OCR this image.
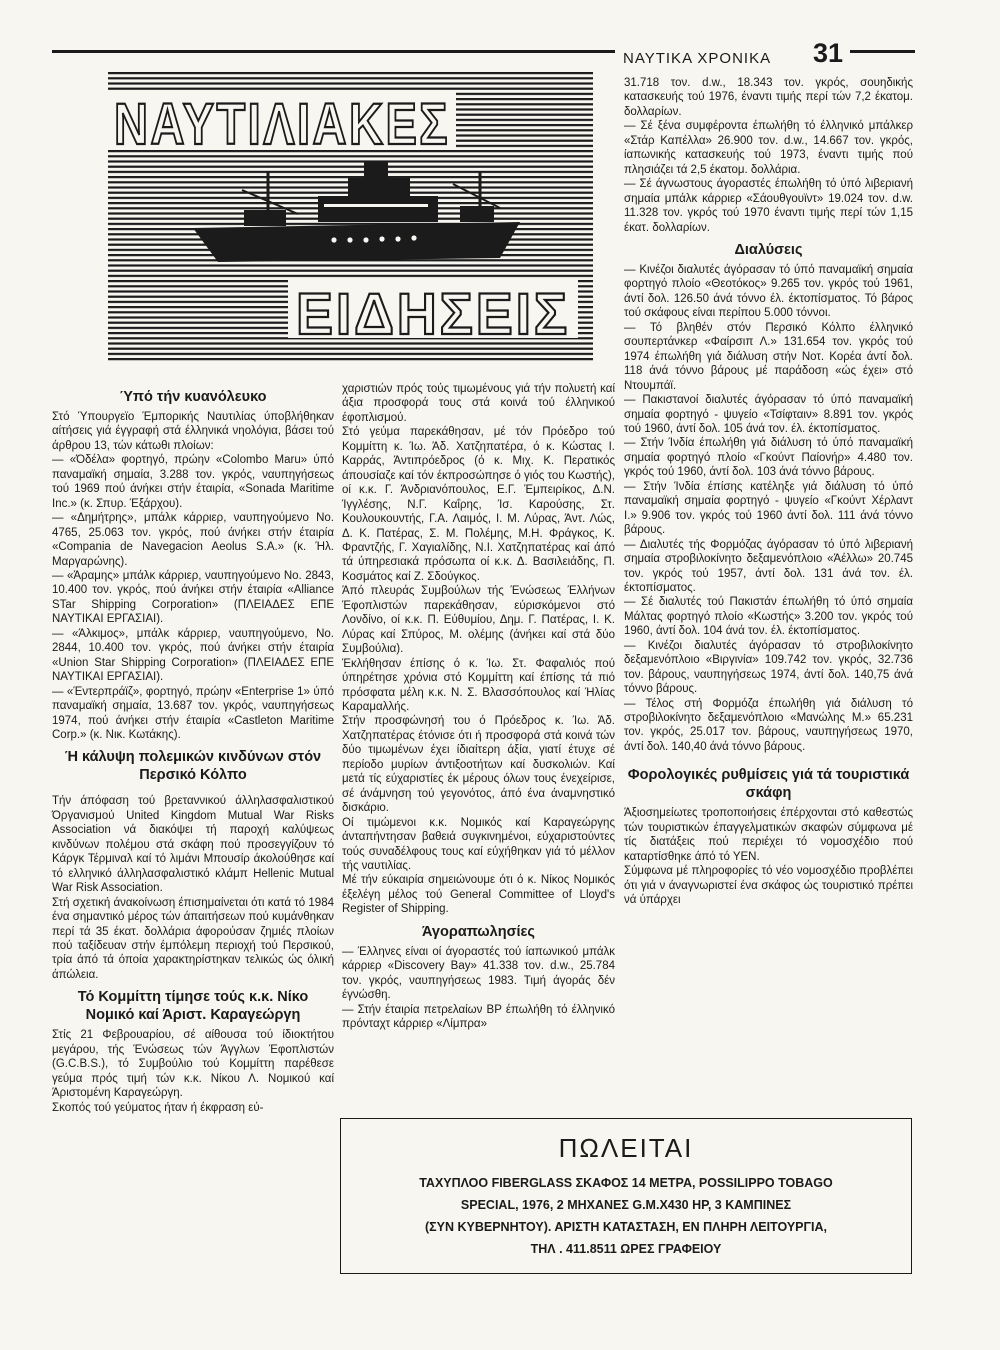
ΝΑΥΤΙΚΑ ΧΡΟΝΙΚΑ 31
ΝΑΥΤΙΛΙΑΚΕΣ
ΕΙΔΗΣΕΙΣ
Ύπό τήν κυανόλευκο

Στό Ύπουργεϊο Έμπορικής Ναυτιλίας ύποβλήθηκαν αίτήσεις γιά έγγραφή στά έλληνικά νηολόγια, βάσει τού άρθρου 13, τών κάτωθι πλοίων:

— «Όδέλα» φορτηγό, πρώην «Colombo Maru» ύπό παναμαϊκή σημαία, 3.288 τον. γκρός, ναυπηγήσεως τού 1969 πού άνήκει στήν έταιρία, «Sonada Maritime Inc.» (κ. Σπυρ. Έξάρχου).

— «Δημήτρης», μπάλκ κάρριερ, ναυπηγούμενο Νο. 4765, 25.063 τον. γκρός, πού άνήκει στήν έταιρία «Compania de Navegacion Aeolus S.A.» (κ. Ήλ. Μαργαρώνης).

— «Άραμης» μπάλκ κάρριερ, ναυπηγούμενο Νο. 2843, 10.400 τον. γκρός, πού άνήκει στήν έταιρία «Alliance STar Shipping Corporation» (ΠΛΕΙΑΔΕΣ ΕΠΕ ΝΑΥΤΙΚΑΙ ΕΡΓΑΣΙΑΙ).

— «Άλκιμος», μπάλκ κάρριερ, ναυπηγούμενο, Νο. 2844, 10.400 τον. γκρός, πού άνήκει στήν έταιρία «Union Star Shipping Corporation» (ΠΛΕΙΑΔΕΣ ΕΠΕ ΝΑΥΤΙΚΑΙ ΕΡΓΑΣΙΑΙ).

— «Έντερπράϊζ», φορτηγό, πρώην «Enterprise 1» ύπό παναμαϊκή σημαία, 13.687 τον. γκρός, ναυπηγήσεως 1974, πού άνήκει στήν έταιρία «Castleton Maritime Corp.» (κ. Νικ. Κωτάκης).

Ή κάλυψη πολεμικών κινδύνων στόν Περσικό Κόλπο

Τήν άπόφαση τού βρεταννικού άλληλασφαλιστικού Όργανισμού United Kingdom Mutual War Risks Association νά διακόψει τή παροχή καλύψεως κινδύνων πολέμου στά σκάφη πού προσεγγίζουν τό Κάργκ Τέρμιναλ καί τό λιμάνι Μπουσίρ άκολούθησε καί τό ελληνικό άλληλασφαλιστικό κλάμπ Hellenic Mutual War Risk Association.

Στή σχετική άνακοίνωση έπισημαίνεται ότι κατά τό 1984 ένα σημαντικό μέρος τών άπαιτήσεων πού κυμάνθηκαν περί τά 35 έκατ. δολλάρια άφορούσαν ζημιές πλοίων πού ταξίδευαν στήν έμπόλεμη περιοχή τού Περσικού, τρία άπό τά όποία χαρακτηρίστηκαν τελικώς ώς όλική άπώλεια.

Τό Κομμίττη τίμησε τούς κ.κ. Νίκο Νομικό καί Άριστ. Καραγεώργη

Στίς 21 Φεβρουαρίου, σέ αίθουσα τού ίδιοκτήτου μεγάρου, τής Ένώσεως τών Άγγλων Έφοπλιστών (G.C.B.S.), τό Συμβούλιο τού Κομμίττη παρέθεσε γεύμα πρός τιμή τών κ.κ. Νίκου Λ. Νομικού καί Άριστομένη Καραγεώργη.

Σκοπός τού γεύματος ήταν ή έκφραση εύ-

χαριστιών πρός τούς τιμωμένους γιά τήν πολυετή καί άξια προσφορά τους στά κοινά τού έλληνικού έφοπλισμού.

Στό γεύμα παρεκάθησαν, μέ τόν Πρόεδρο τού Κομμίττη κ. Ίω. Άδ. Χατζηπατέρα, ό κ. Κώστας Ι. Καρράς, Άντιπρόεδρος (ό κ. Μιχ. Κ. Περατικός άπουσίαζε καί τόν έκπροσώπησε ό γιός του Κωστής), οί κ.κ. Γ. Άνδριανόπουλος, Ε.Γ. Έμπειρίκος, Δ.Ν. Ίγγλέσης, Ν.Γ. Καΐρης, Ίσ. Καρούσης, Στ. Κουλουκουντής, Γ.Α. Λαιμός, Ι. Μ. Λύρας, Άντ. Λώς, Δ. Κ. Πατέρας, Σ. Μ. Πολέμης, Μ.Η. Φράγκος, Κ. Φραντζής, Γ. Χαγιαλίδης, Ν.Ι. Χατζηπατέρας καί άπό τά ύπηρεσιακά πρόσωπα οί κ.κ. Δ. Βασιλειάδης, Π. Κοσμάτος καί Ζ. Σδούγκος.

Άπό πλευράς Συμβούλων τής Ένώσεως Έλλήνων Έφοπλιστών παρεκάθησαν, εύρισκόμενοι στό Λονδίνο, οί κ.κ. Π. Εύθυμίου, Δημ. Γ. Πατέρας, Ι. Κ. Λύρας καί Σπύρος, Μ. ολέμης (άνήκει καί στά δύο Συμβούλια).

Έκλήθησαν έπίσης ό κ. Ίω. Στ. Φαφαλιός πού ύπηρέτησε χρόνια στό Κομμίττη καί έπίσης τά πιό πρόσφατα μέλη κ.κ. Ν. Σ. Βλασσόπουλος καί Ήλίας Καραμαλλής.

Στήν προσφώνησή του ό Πρόεδρος κ. Ίω. Άδ. Χατζηπατέρας έτόνισε ότι ή προσφορά στά κοινά τών δύο τιμωμένων έχει ίδιαίτερη άξία, γιατί έτυχε σέ περίοδο μυρίων άντιξοοτήτων καί δυσκολιών. Καί μετά τίς εύχαριστίες έκ μέρους όλων τους ένεχείρισε, σέ άνάμνηση τού γεγονότος, άπό ένα άναμνηστικό δισκάριο.

Οί τιμώμενοι κ.κ. Νομικός καί Καραγεώργης άνταπήντησαν βαθειά συγκινημένοι, εύχαριστούντες τούς συναδέλφους τους καί εύχήθηκαν γιά τό μέλλον τής ναυτιλίας.

Μέ τήν εύκαιρία σημειώνουμε ότι ό κ. Νίκος Νομικός έξελέγη μέλος τού General Committee of Lloyd's Register of Shipping.

Άγοραπωλησίες

— Έλληνες είναι οί άγοραστές τού ίαπωνικού μπάλκ κάρριερ «Discovery Bay» 41.338 τον. d.w., 25.784 τον. γκρός, ναυπηγήσεως 1983. Τιμή άγοράς δέν έγνώσθη.

— Στήν έταιρία πετρελαίων ΒΡ έπωλήθη τό έλληνικό πρόνταχτ κάρριερ «Λίμπρα»

31.718 τον. d.w., 18.343 τον. γκρός, σουηδικής κατασκευής τού 1976, έναντι τιμής περί τών 7,2 έκατομ. δολλαρίων.

— Σέ ξένα συμφέροντα έπωλήθη τό έλληνικό μπάλκερ «Στάρ Καπέλλα» 26.900 τον. d.w., 14.667 τον. γκρός, ίαπωνικής κατασκευής τού 1973, έναντι τιμής πού πλησιάζει τά 2,5 έκατομ. δολλάρια.

— Σέ άγνωστους άγοραστές έπωλήθη τό ύπό λιβεριανή σημαία μπάλκ κάρριερ «Σάουθγουϊντ» 19.024 τον. d.w. 11.328 τον. γκρός τού 1970 έναντι τιμής περί τών 1,15 έκατ. δολλαρίων.

Διαλύσεις

— Κινέζοι διαλυτές άγόρασαν τό ύπό παναμαϊκή σημαία φορτηγό πλοίο «Θεοτόκος» 9.265 τον. γκρός τού 1961, άντί δολ. 126.50 άνά τόννο έλ. έκτοπίσματος. Τό βάρος τού σκάφους είναι περίπου 5.000 τόννοι.

— Τό βληθέν στόν Περσικό Κόλπο έλληνικό σουπερτάνκερ «Φαίρσιπ Λ.» 131.654 τον. γκρός τού 1974 έπωλήθη γιά διάλυση στήν Νοτ. Κορέα άντί δολ. 118 άνά τόννο βάρους μέ παράδοση «ώς έχει» στό Ντουμπάϊ.

— Πακιστανοί διαλυτές άγόρασαν τό ύπό παναμαϊκή σημαία φορτηγό - ψυγείο «Τσίφταιν» 8.891 τον. γκρός τού 1960, άντί δολ. 105 άνά τον. έλ. έκτοπίσματος.

— Στήν Ίνδία έπωλήθη γιά διάλυση τό ύπό παναμαϊκή σημαία φορτηγό πλοίο «Γκούντ Παίονήρ» 4.480 τον. γκρός τού 1960, άντί δολ. 103 άνά τόννο βάρους.

— Στήν Ίνδία έπίσης κατέληξε γιά διάλυση τό ύπό παναμαϊκή σημαία φορτηγό - ψυγείο «Γκούντ Χέρλαντ Ι.» 9.906 τον. γκρός τού 1960 άντί δολ. 111 άνά τόννο βάρους.

— Διαλυτές τής Φορμόζας άγόρασαν τό ύπό λιβεριανή σημαία στροβιλοκίνητο δεξαμενόπλοιο «Άέλλω» 20.745 τον. γκρός τού 1957, άντί δολ. 131 άνά τον. έλ. έκτοπίσματος.

— Σέ διαλυτές τού Πακιστάν έπωλήθη τό ύπό σημαία Μάλτας φορτηγό πλοίο «Κωστής» 3.200 τον. γκρός τού 1960, άντί δολ. 104 άνά τον. έλ. έκτοπίσματος.

— Κινέζοι διαλυτές άγόρασαν τό στροβιλοκίνητο δεξαμενόπλοιο «Βιργινία» 109.742 τον. γκρός, 32.736 τον. βάρους, ναυπηγήσεως 1974, άντί δολ. 140,75 άνά τόννο βάρους.

— Τέλος στή Φορμόζα έπωλήθη γιά διάλυση τό στροβιλοκίνητο δεξαμενόπλοιο «Μανώλης Μ.» 65.231 τον. γκρός, 25.017 τον. βάρους, ναυπηγήσεως 1970, άντί δολ. 140,40 άνά τόννο βάρους.

Φορολογικές ρυθμίσεις γιά τά τουριστικά σκάφη

Άξιοσημείωτες τροποποιήσεις έπέρχονται στό καθεστώς τών τουριστικών έπαγγελματικών σκαφών σύμφωνα μέ τίς διατάξεις πού περιέχει τό νομοσχέδιο πού καταρτίσθηκε άπό τό ΥΕΝ.

Σύμφωνα μέ πληροφορίες τό νέο νομοσχέδιο προβλέπει ότι γιά ν άναγνωριστεί ένα σκάφος ώς τουριστικό πρέπει νά ύπάρχει

ΠΩΛΕΙΤΑΙ
ΤΑΧΥΠΛΟΟ FIBERGLASS ΣΚΑΦΟΣ 14 ΜΕΤΡΑ, POSSILIPPO TOBAGO
SPECIAL, 1976, 2 ΜΗΧΑΝΕΣ G.M.X430 HP, 3 ΚΑΜΠΙΝΕΣ
(ΣΥΝ ΚΥΒΕΡΝΗΤΟΥ). ΑΡΙΣΤΗ ΚΑΤΑΣΤΑΣΗ, ΕΝ ΠΛΗΡΗ ΛΕΙΤΟΥΡΓΙΑ,
ΤΗΛ . 411.8511 ΩΡΕΣ ΓΡΑΦΕΙΟΥ
